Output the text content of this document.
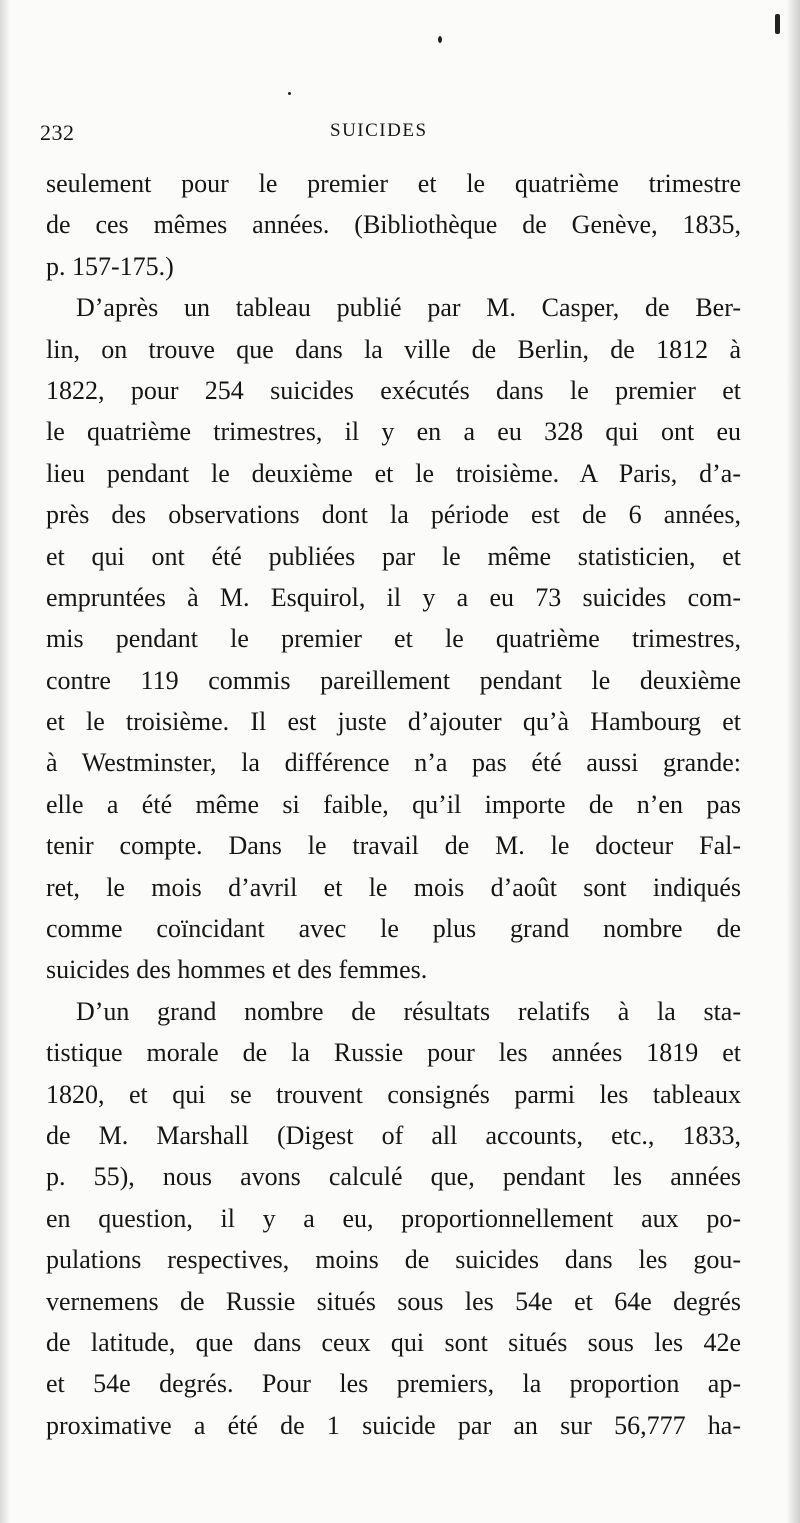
232	SUICIDES
seulement pour le premier et le quatrième trimestre
de ces mêmes années. (Bibliothèque de Genève, 1835,
p. 157-175.)
D’après un tableau publié par M. Casper, de Ber-
lin, on trouve que dans la ville de Berlin, de 1812 à
1822, pour 254 suicides exécutés dans le premier et
le quatrième trimestres, il y en a eu 328 qui ont eu
lieu pendant le deuxième et le troisième. A Paris, d’a-
près des observations dont la période est de 6 années,
et qui ont été publiées par le même statisticien, et
empruntées à M. Esquirol, il y a eu 73 suicides com-
mis pendant le premier et le quatrième trimestres,
contre 119 commis pareillement pendant le deuxième
et le troisième. Il est juste d’ajouter qu’à Hambourg et
à Westminster, la différence n’a pas été aussi grande:
elle a été même si faible, qu’il importe de n’en pas
tenir compte. Dans le travail de M. le docteur Fal-
ret, le mois d’avril et le mois d’août sont indiqués
comme coïncidant avec le plus grand nombre de
suicides des hommes et des femmes.
D’un grand nombre de résultats relatifs à la sta-
tistique morale de la Russie pour les années 1819 et
1820, et qui se trouvent consignés parmi les tableaux
de M. Marshall (Digest of all accounts, etc., 1833,
p. 55), nous avons calculé que, pendant les années
en question, il y a eu, proportionnellement aux po-
pulations respectives, moins de suicides dans les gou-
vernemens de Russie situés sous les 54e et 64e degrés
de latitude, que dans ceux qui sont situés sous les 42e
et 54e degrés. Pour les premiers, la proportion ap-
proximative a été de 1 suicide par an sur 56,777 ha-
